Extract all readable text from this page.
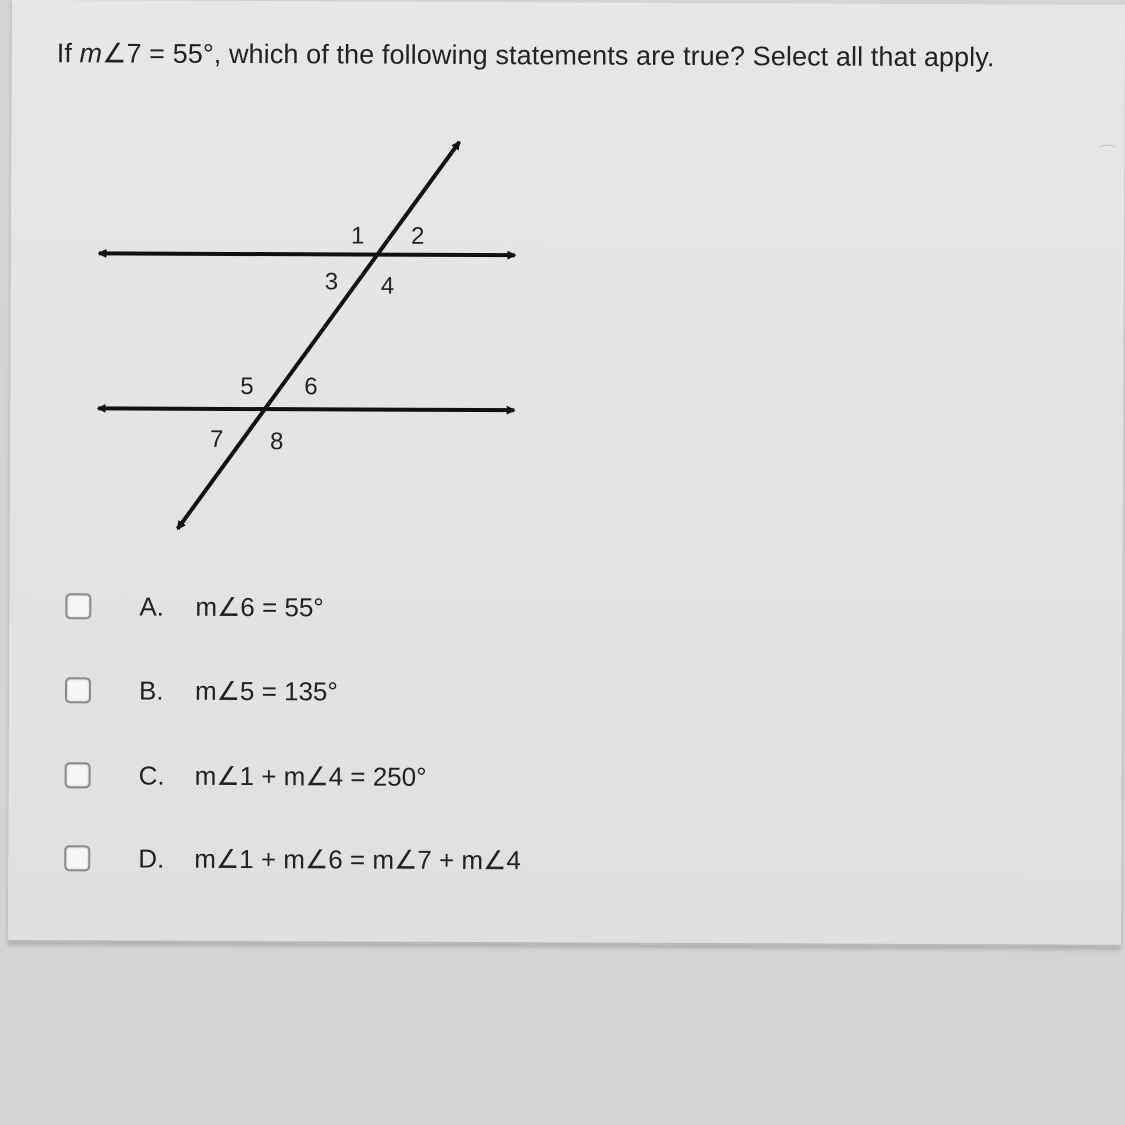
If m∠7 = 55°, which of the following statements are true? Select all that apply.
⌒
1 2
3 4
5 6
7 8
A.	m∠6 = 55°
B.	m∠5 = 135°
C.	m∠1 + m∠4 = 250°
D.	m∠1 + m∠6 = m∠7 + m∠4
